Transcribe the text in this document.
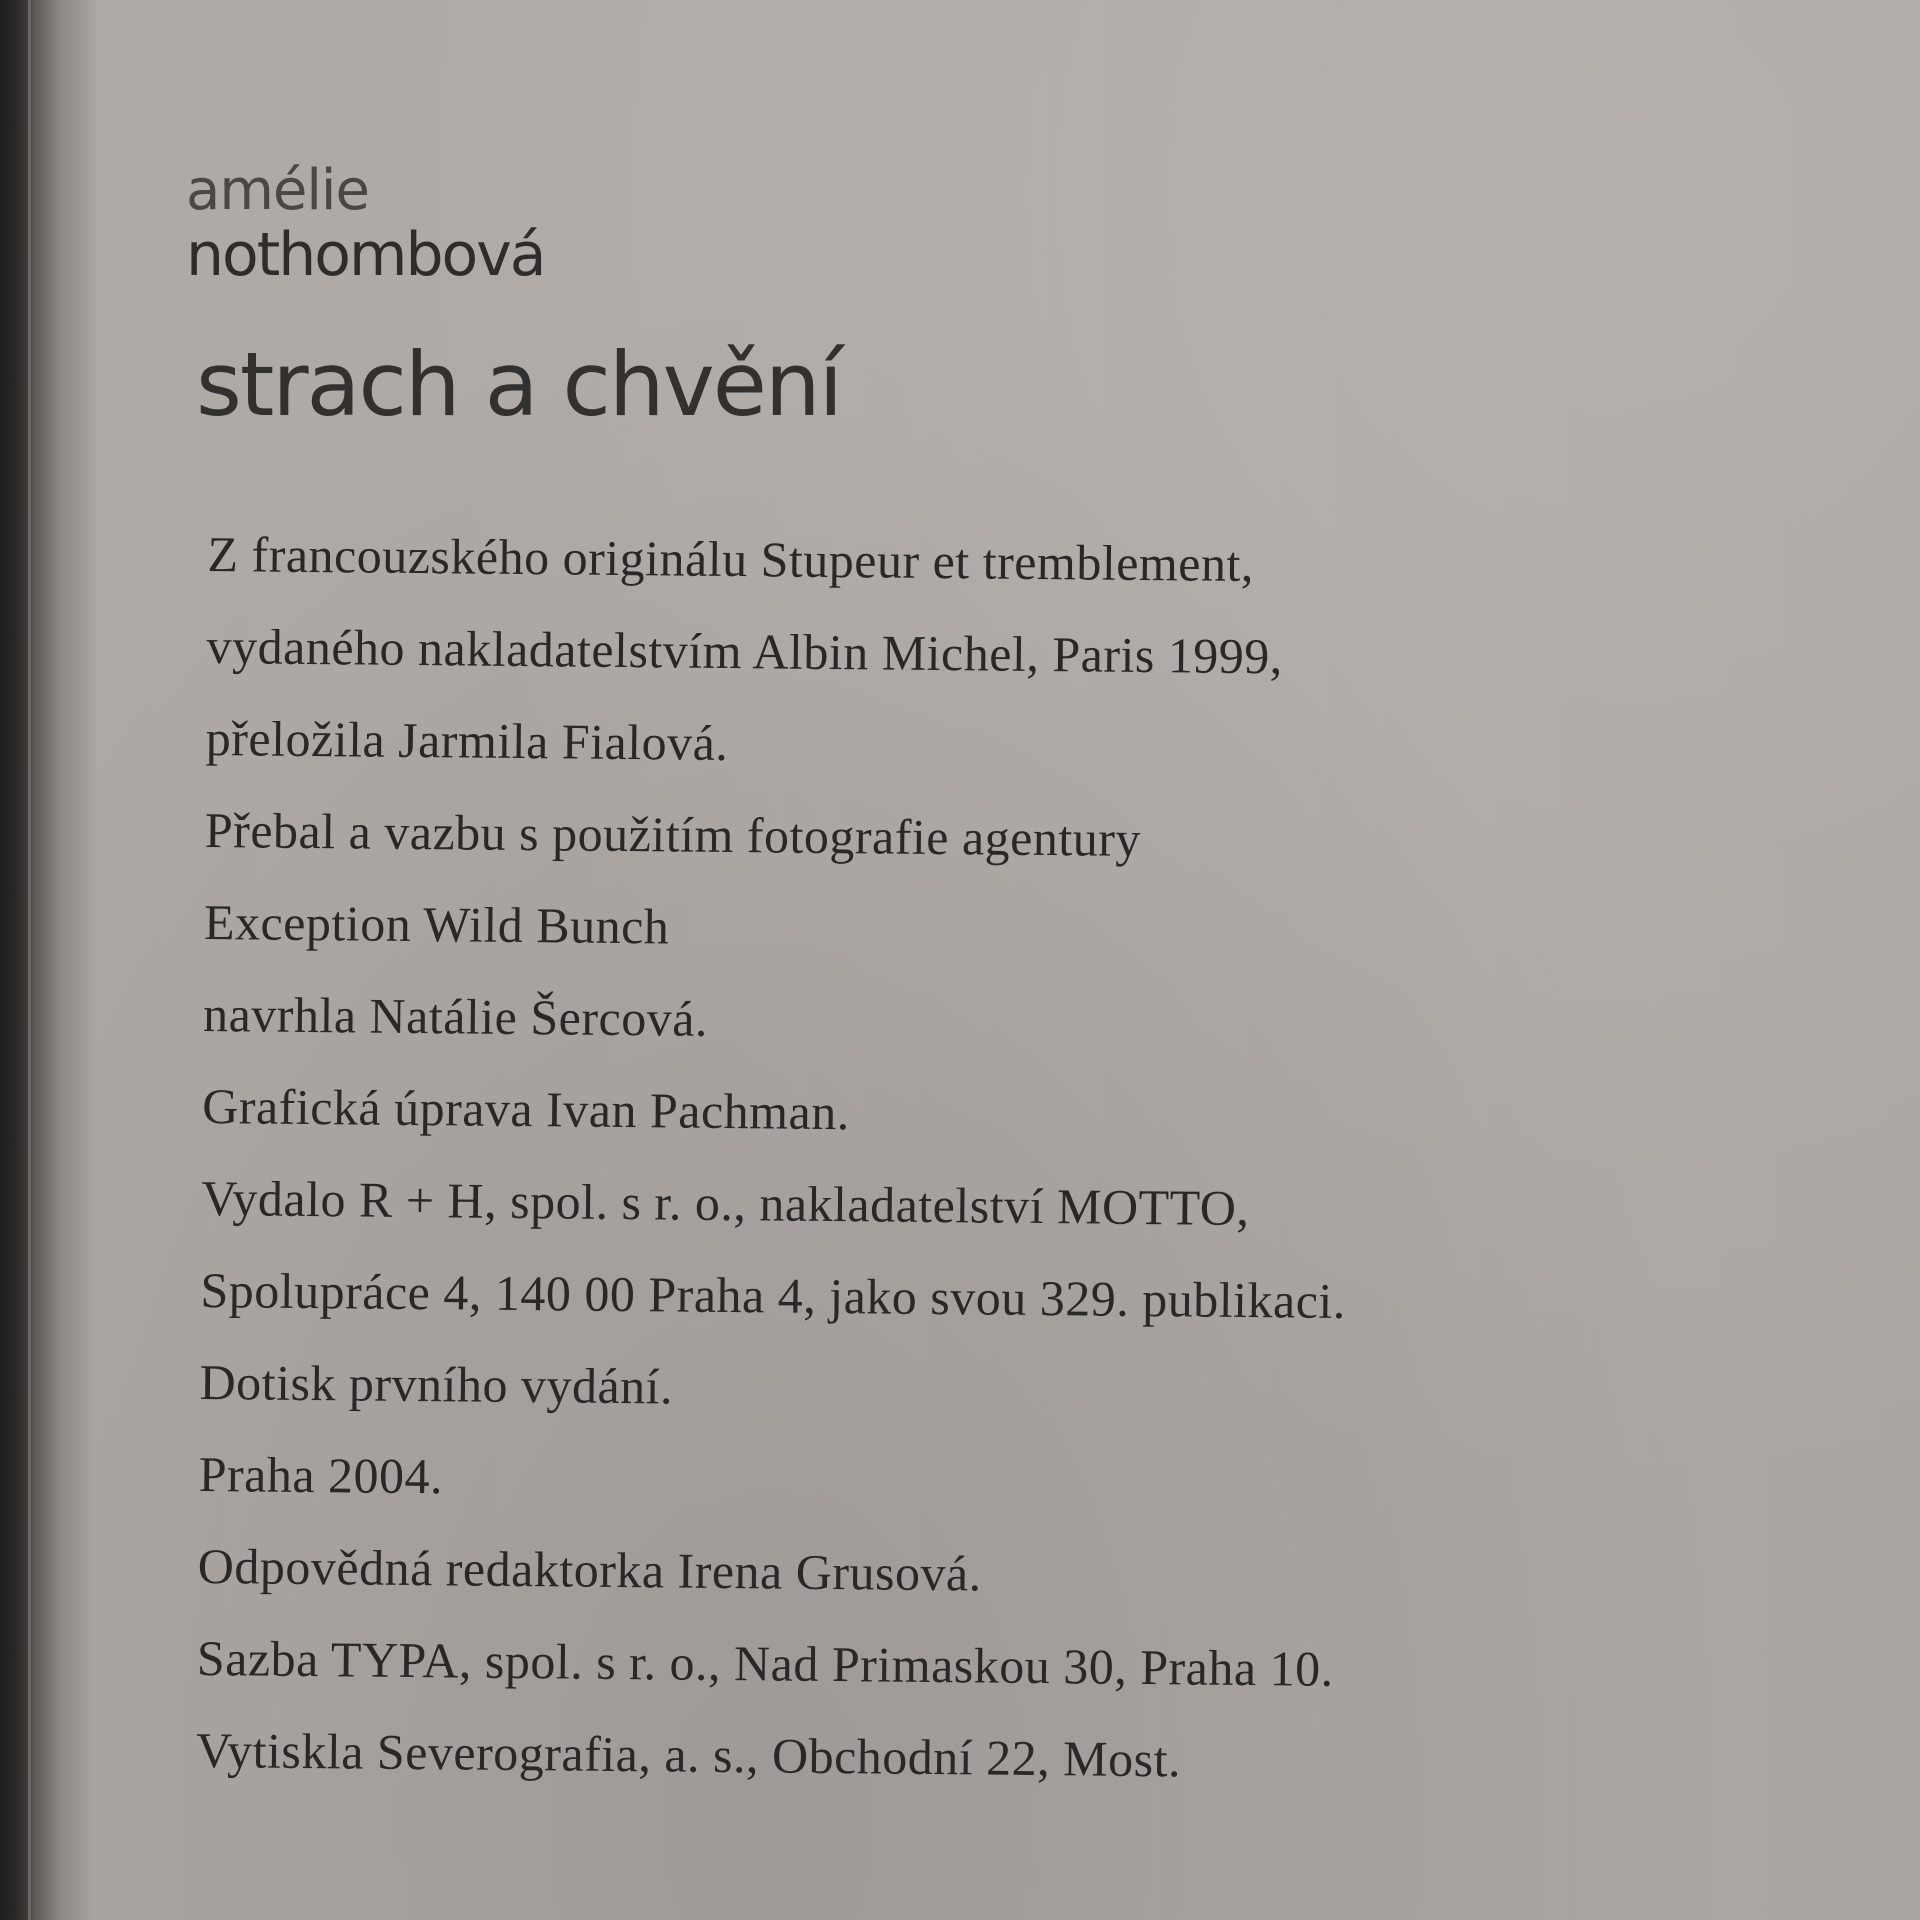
amélie
nothombová
strach a chvění
Z francouzského originálu Stupeur et tremblement,
vydaného nakladatelstvím Albin Michel, Paris 1999,
přeložila Jarmila Fialová.
Přebal a vazbu s použitím fotografie agentury
Exception Wild Bunch
navrhla Natálie Šercová.
Grafická úprava Ivan Pachman.
Vydalo R + H, spol. s r. o., nakladatelství MOTTO,
Spolupráce 4, 140 00 Praha 4, jako svou 329. publikaci.
Dotisk prvního vydání.
Praha 2004.
Odpovědná redaktorka Irena Grusová.
Sazba TYPA, spol. s r. o., Nad Primaskou 30, Praha 10.
Vytiskla Severografia, a. s., Obchodní 22, Most.
